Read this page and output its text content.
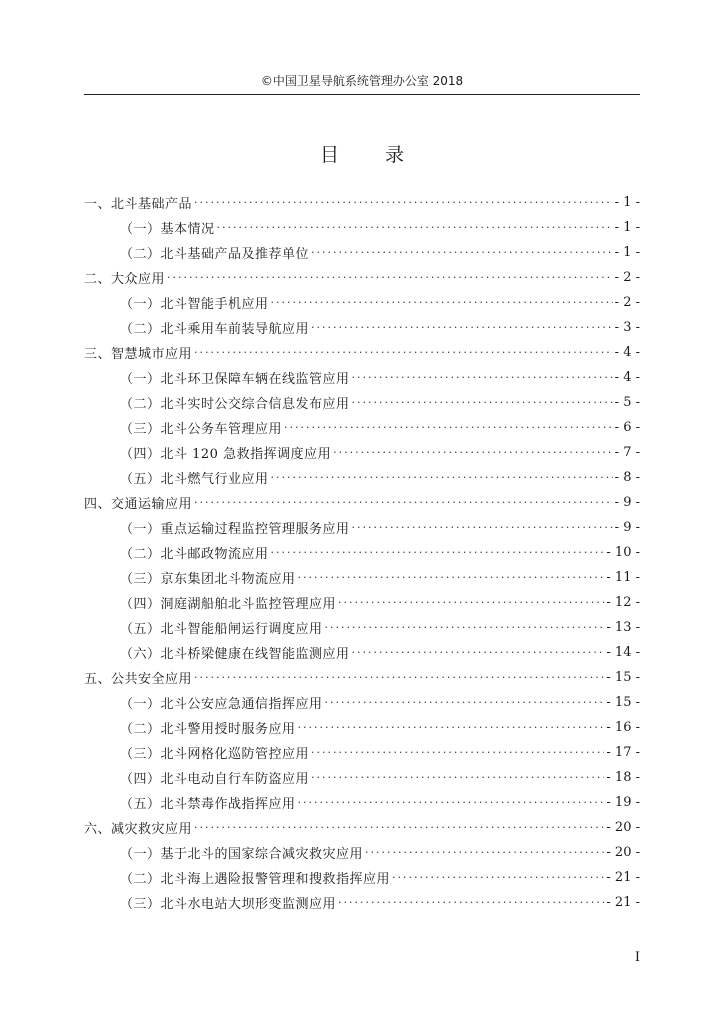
©中国卫星导航系统管理办公室 2018
目 录
一、北斗基础产品 ·····	- 1 -
（一）基本情况 ·····	- 1 -
（二）北斗基础产品及推荐单位 ·····	- 1 -
二、大众应用 ·····	- 2 -
（一）北斗智能手机应用 ·····	- 2 -
（二）北斗乘用车前装导航应用 ·····	- 3 -
三、智慧城市应用 ·····	- 4 -
（一）北斗环卫保障车辆在线监管应用 ·····	- 4 -
（二）北斗实时公交综合信息发布应用 ·····	- 5 -
（三）北斗公务车管理应用 ·····	- 6 -
（四）北斗 120 急救指挥调度应用 ·····	- 7 -
（五）北斗燃气行业应用 ·····	- 8 -
四、交通运输应用 ·····	- 9 -
（一）重点运输过程监控管理服务应用 ·····	- 9 -
（二）北斗邮政物流应用 ·····	- 10 -
（三）京东集团北斗物流应用 ·····	- 11 -
（四）洞庭湖船舶北斗监控管理应用 ·····	- 12 -
（五）北斗智能船闸运行调度应用 ·····	- 13 -
（六）北斗桥梁健康在线智能监测应用 ·····	- 14 -
五、公共安全应用 ·····	- 15 -
（一）北斗公安应急通信指挥应用 ·····	- 15 -
（二）北斗警用授时服务应用 ·····	- 16 -
（三）北斗网格化巡防管控应用 ·····	- 17 -
（四）北斗电动自行车防盗应用 ·····	- 18 -
（五）北斗禁毒作战指挥应用 ·····	- 19 -
六、减灾救灾应用 ·····	- 20 -
（一）基于北斗的国家综合减灾救灾应用 ·····	- 20 -
（二）北斗海上遇险报警管理和搜救指挥应用 ·····	- 21 -
（三）北斗水电站大坝形变监测应用 ·····	- 21 -
I
